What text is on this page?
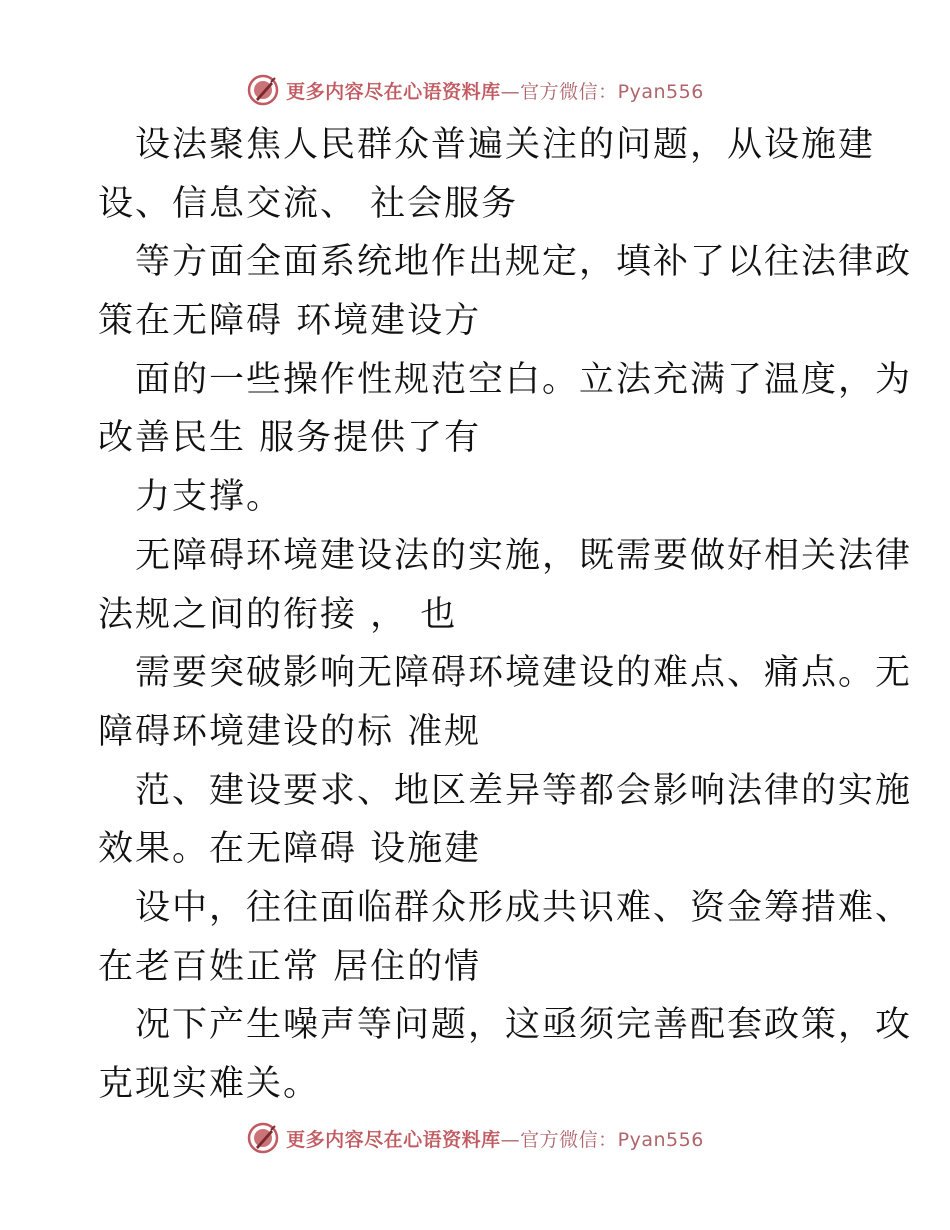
更多内容尽在心语资料库—官方微信：Pyan556
设法聚焦人民群众普遍关注的问题，从设施建
设、信息交流、 社会服务
等方面全面系统地作出规定，填补了以往法律政
策在无障碍 环境建设方
面的一些操作性规范空白。立法充满了温度，为
改善民生 服务提供了有
力支撑。
无障碍环境建设法的实施，既需要做好相关法律
法规之间的衔接 ， 也
需要突破影响无障碍环境建设的难点、痛点。无
障碍环境建设的标 准规
范、建设要求、地区差异等都会影响法律的实施
效果。在无障碍 设施建
设中，往往面临群众形成共识难、资金筹措难、
在老百姓正常 居住的情
况下产生噪声等问题，这亟须完善配套政策，攻
克现实难关。
更多内容尽在心语资料库—官方微信：Pyan556
